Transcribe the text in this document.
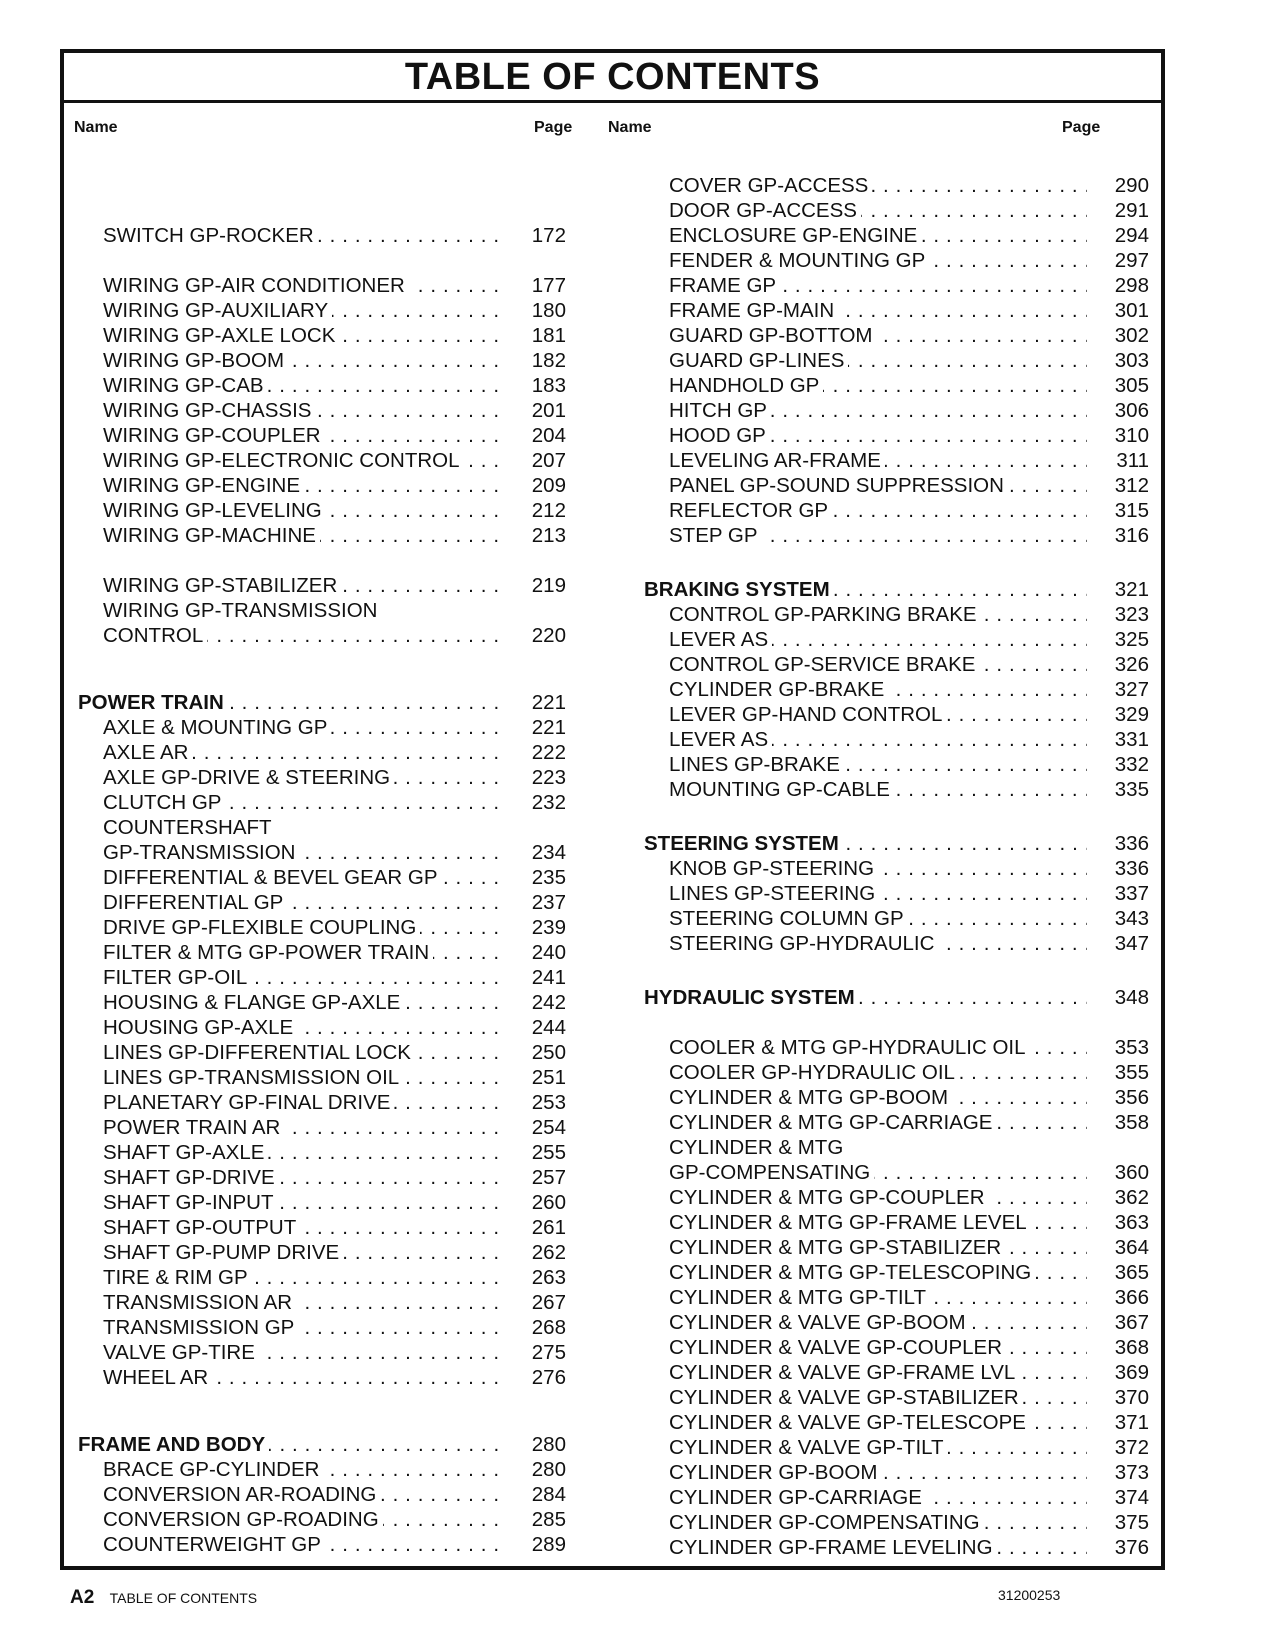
TABLE OF CONTENTS
Name	Page Name	Page
SWITCH GP-ROCKER . . .	172
WIRING GP-AIR CONDITIONER . . .	177
WIRING GP-AUXILIARY . . .	180
WIRING GP-AXLE LOCK . . .	181
WIRING GP-BOOM . . .	182
WIRING GP-CAB . . .	183
WIRING GP-CHASSIS . . .	201
WIRING GP-COUPLER . . .	204
WIRING GP-ELECTRONIC CONTROL . . .	207
WIRING GP-ENGINE . . .	209
WIRING GP-LEVELING . . .	212
WIRING GP-MACHINE . . .	213
WIRING GP-STABILIZER . . .	219
WIRING GP-TRANSMISSION
CONTROL . . .	220
POWER TRAIN . . .	221
AXLE & MOUNTING GP . . .	221
AXLE AR . . .	222
AXLE GP-DRIVE & STEERING . . .	223
CLUTCH GP . . .	232
COUNTERSHAFT
GP-TRANSMISSION . . .	234
DIFFERENTIAL & BEVEL GEAR GP . . .	235
DIFFERENTIAL GP . . .	237
DRIVE GP-FLEXIBLE COUPLING . . .	239
FILTER & MTG GP-POWER TRAIN . . .	240
FILTER GP-OIL . . .	241
HOUSING & FLANGE GP-AXLE . . .	242
HOUSING GP-AXLE . . .	244
LINES GP-DIFFERENTIAL LOCK . . .	250
LINES GP-TRANSMISSION OIL . . .	251
PLANETARY GP-FINAL DRIVE . . .	253
POWER TRAIN AR . . .	254
SHAFT GP-AXLE . . .	255
SHAFT GP-DRIVE . . .	257
SHAFT GP-INPUT . . .	260
SHAFT GP-OUTPUT . . .	261
SHAFT GP-PUMP DRIVE . . .	262
TIRE & RIM GP . . .	263
TRANSMISSION AR . . .	267
TRANSMISSION GP . . .	268
VALVE GP-TIRE . . .	275
WHEEL AR . . .	276
FRAME AND BODY . . .	280
BRACE GP-CYLINDER . . .	280
CONVERSION AR-ROADING . . .	284
CONVERSION GP-ROADING . . .	285
COUNTERWEIGHT GP . . .	289
COVER GP-ACCESS . . .	290
DOOR GP-ACCESS . . .	291
ENCLOSURE GP-ENGINE . . .	294
FENDER & MOUNTING GP . . .	297
FRAME GP . . .	298
FRAME GP-MAIN . . .	301
GUARD GP-BOTTOM . . .	302
GUARD GP-LINES . . .	303
HANDHOLD GP . . .	305
HITCH GP . . .	306
HOOD GP . . .	310
LEVELING AR-FRAME . . .	311
PANEL GP-SOUND SUPPRESSION . . .	312
REFLECTOR GP . . .	315
STEP GP . . .	316
BRAKING SYSTEM . . .	321
CONTROL GP-PARKING BRAKE . . .	323
LEVER AS . . .	325
CONTROL GP-SERVICE BRAKE . . .	326
CYLINDER GP-BRAKE . . .	327
LEVER GP-HAND CONTROL . . .	329
LEVER AS . . .	331
LINES GP-BRAKE . . .	332
MOUNTING GP-CABLE . . .	335
STEERING SYSTEM . . .	336
KNOB GP-STEERING . . .	336
LINES GP-STEERING . . .	337
STEERING COLUMN GP . . .	343
STEERING GP-HYDRAULIC . . .	347
HYDRAULIC SYSTEM . . .	348
COOLER & MTG GP-HYDRAULIC OIL . . .	353
COOLER GP-HYDRAULIC OIL . . .	355
CYLINDER & MTG GP-BOOM . . .	356
CYLINDER & MTG GP-CARRIAGE . . .	358
CYLINDER & MTG
GP-COMPENSATING . . .	360
CYLINDER & MTG GP-COUPLER . . .	362
CYLINDER & MTG GP-FRAME LEVEL . . .	363
CYLINDER & MTG GP-STABILIZER . . .	364
CYLINDER & MTG GP-TELESCOPING . . .	365
CYLINDER & MTG GP-TILT . . .	366
CYLINDER & VALVE GP-BOOM . . .	367
CYLINDER & VALVE GP-COUPLER . . .	368
CYLINDER & VALVE GP-FRAME LVL . . .	369
CYLINDER & VALVE GP-STABILIZER . . .	370
CYLINDER & VALVE GP-TELESCOPE . . .	371
CYLINDER & VALVE GP-TILT . . .	372
CYLINDER GP-BOOM . . .	373
CYLINDER GP-CARRIAGE . . .	374
CYLINDER GP-COMPENSATING . . .	375
CYLINDER GP-FRAME LEVELING . . .	376
A2 TABLE OF CONTENTS	31200253
